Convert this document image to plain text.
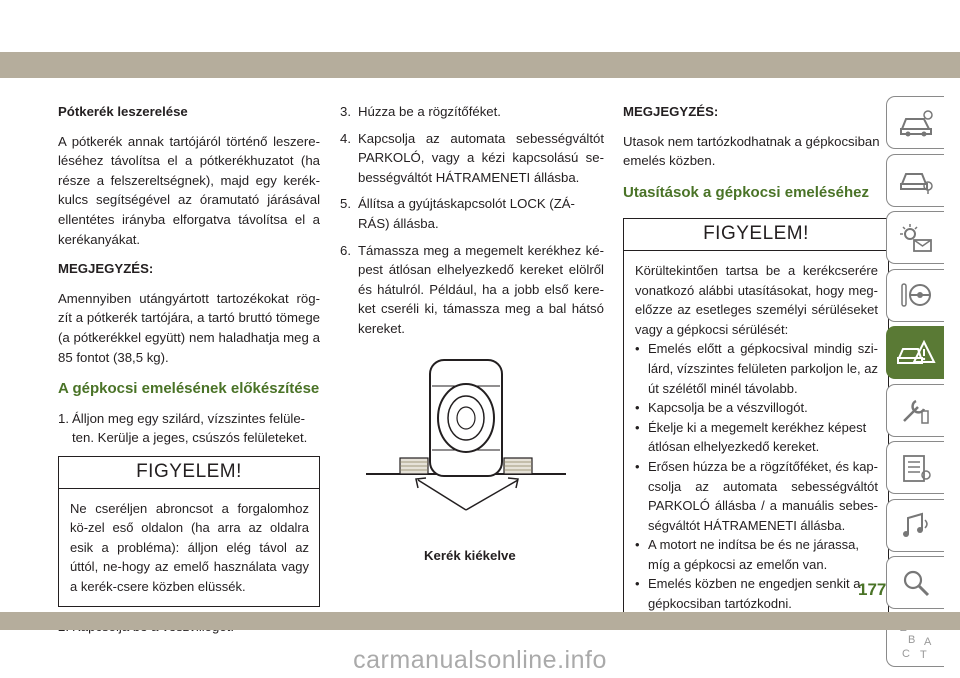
Pótkerék leszerelése

A pótkerék annak tartójáról történő leszere-léséhez távolítsa el a pótkerékhuzatot (ha része a felszereltségnek), majd egy kerék-kulcs segítségével az óramutató járásával ellentétes irányba elforgatva távolítsa el a kerékanyákat.

MEGJEGYZÉS:

Amennyiben utángyártott tartozékokat rög-zít a pótkerék tartójára, a tartó bruttó tömege (a pótkerékkel együtt) nem haladhatja meg a 85 fontot (38,5 kg).

A gépkocsi emelésének előkészítése
1. Álljon meg egy szilárd, vízszintes felüle-ten. Kerülje a jeges, csúszós felületeket.
FIGYELEM!
Ne cseréljen abroncsot a forgalomhoz kö-zel eső oldalon (ha arra az oldalra esik a probléma): álljon elég távol az úttól, ne-hogy az emelő használata vagy a kerék-csere közben elüssék.
3. Húzza be a rögzítőféket.
4. Kapcsolja az automata sebességváltót PARKOLÓ, vagy a kézi kapcsolású se-bességváltót HÁTRAMENETI állásba.
5. Állítsa a gyújtáskapcsolót LOCK (ZÁ-RÁS) állásba.
6. Támassza meg a megemelt kerékhez ké-pest átlósan elhelyezkedő kereket elölről és hátulról. Például, ha a jobb első kere-ket cseréli ki, támassza meg a bal hátsó kereket.
Kerék kiékelve

MEGJEGYZÉS:

Utasok nem tartózkodhatnak a gépkocsiban emelés közben.

Utasítások a gépkocsi emeléséhez
FIGYELEM!
Körültekintően tartsa be a kerékcserére vonatkozó alábbi utasításokat, hogy meg-előzze az esetleges személyi sérüléseket vagy a gépkocsi sérülését:
• Emelés előtt a gépkocsival mindig szi-lárd, vízszintes felületen parkoljon le, az út szélétől minél távolabb.
• Kapcsolja be a vészvillogót.
• Ékelje ki a megemelt kerékhez képest átlósan elhelyezkedő kereket.
• Erősen húzza be a rögzítőféket, és kap-csolja az automata sebességváltót PARKOLÓ állásba / a manuális sebes-ségváltót HÁTRAMENETI állásba.
• A motort ne indítsa be és ne járassa, míg a gépkocsi az emelőn van.
• Emelés közben ne engedjen senkit a gépkocsiban tartózkodni.
B A
C T
177
carmanualsonline.info
